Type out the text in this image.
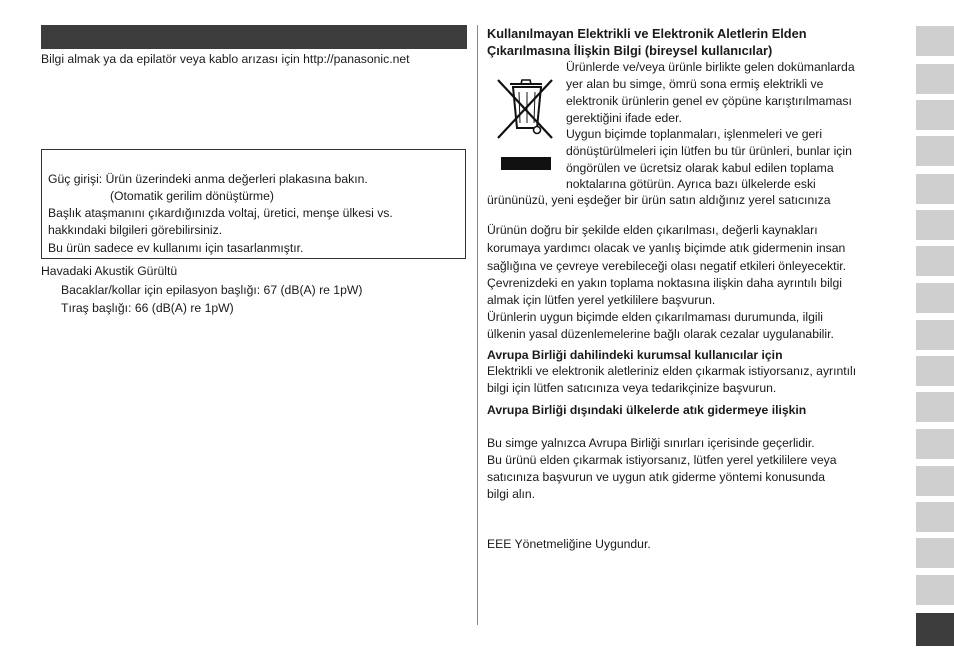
Bilgi almak ya da epilatör veya kablo arızası için http://panasonic.net
Güç girişi: Ürün üzerindeki anma değerleri plakasına bakın.
(Otomatik gerilim dönüştürme)
Başlık ataşmanını çıkardığınızda voltaj, üretici, menşe ülkesi vs.
hakkındaki bilgileri görebilirsiniz.
Bu ürün sadece ev kullanımı için tasarlanmıştır.
Havadaki Akustik Gürültü
Bacaklar/kollar için epilasyon başlığı: 67 (dB(A) re 1pW)
Tıraş başlığı: 66 (dB(A) re 1pW)
Kullanılmayan Elektrikli ve Elektronik Aletlerin Elden
Çıkarılmasına İlişkin Bilgi (bireysel kullanıcılar)
Ürünlerde ve/veya ürünle birlikte gelen dokümanlarda
yer alan bu simge, ömrü sona ermiş elektrikli ve
elektronik ürünlerin genel ev çöpüne karıştırılmaması
gerektiğini ifade eder.
Uygun biçimde toplanmaları, işlenmeleri ve geri
dönüştürülmeleri için lütfen bu tür ürünleri, bunlar için
öngörülen ve ücretsiz olarak kabul edilen toplama
noktalarına götürün. Ayrıca bazı ülkelerde eski
ürününüzü, yeni eşdeğer bir ürün satın aldığınız yerel satıcınıza
Ürünün doğru bir şekilde elden çıkarılması, değerli kaynakları
korumaya yardımcı olacak ve yanlış biçimde atık gidermenin insan
sağlığına ve çevreye verebileceği olası negatif etkileri önleyecektir.
Çevrenizdeki en yakın toplama noktasına ilişkin daha ayrıntılı bilgi
almak için lütfen yerel yetkililere başvurun.
Ürünlerin uygun biçimde elden çıkarılmaması durumunda, ilgili
ülkenin yasal düzenlemelerine bağlı olarak cezalar uygulanabilir.
Avrupa Birliği dahilindeki kurumsal kullanıcılar için
Elektrikli ve elektronik aletleriniz elden çıkarmak istiyorsanız, ayrıntılı
bilgi için lütfen satıcınıza veya tedarikçinize başvurun.
Avrupa Birliği dışındaki ülkelerde atık gidermeye ilişkin
Bu simge yalnızca Avrupa Birliği sınırları içerisinde geçerlidir.
Bu ürünü elden çıkarmak istiyorsanız, lütfen yerel yetkililere veya
satıcınıza başvurun ve uygun atık giderme yöntemi konusunda
bilgi alın.
EEE Yönetmeliğine Uygundur.
